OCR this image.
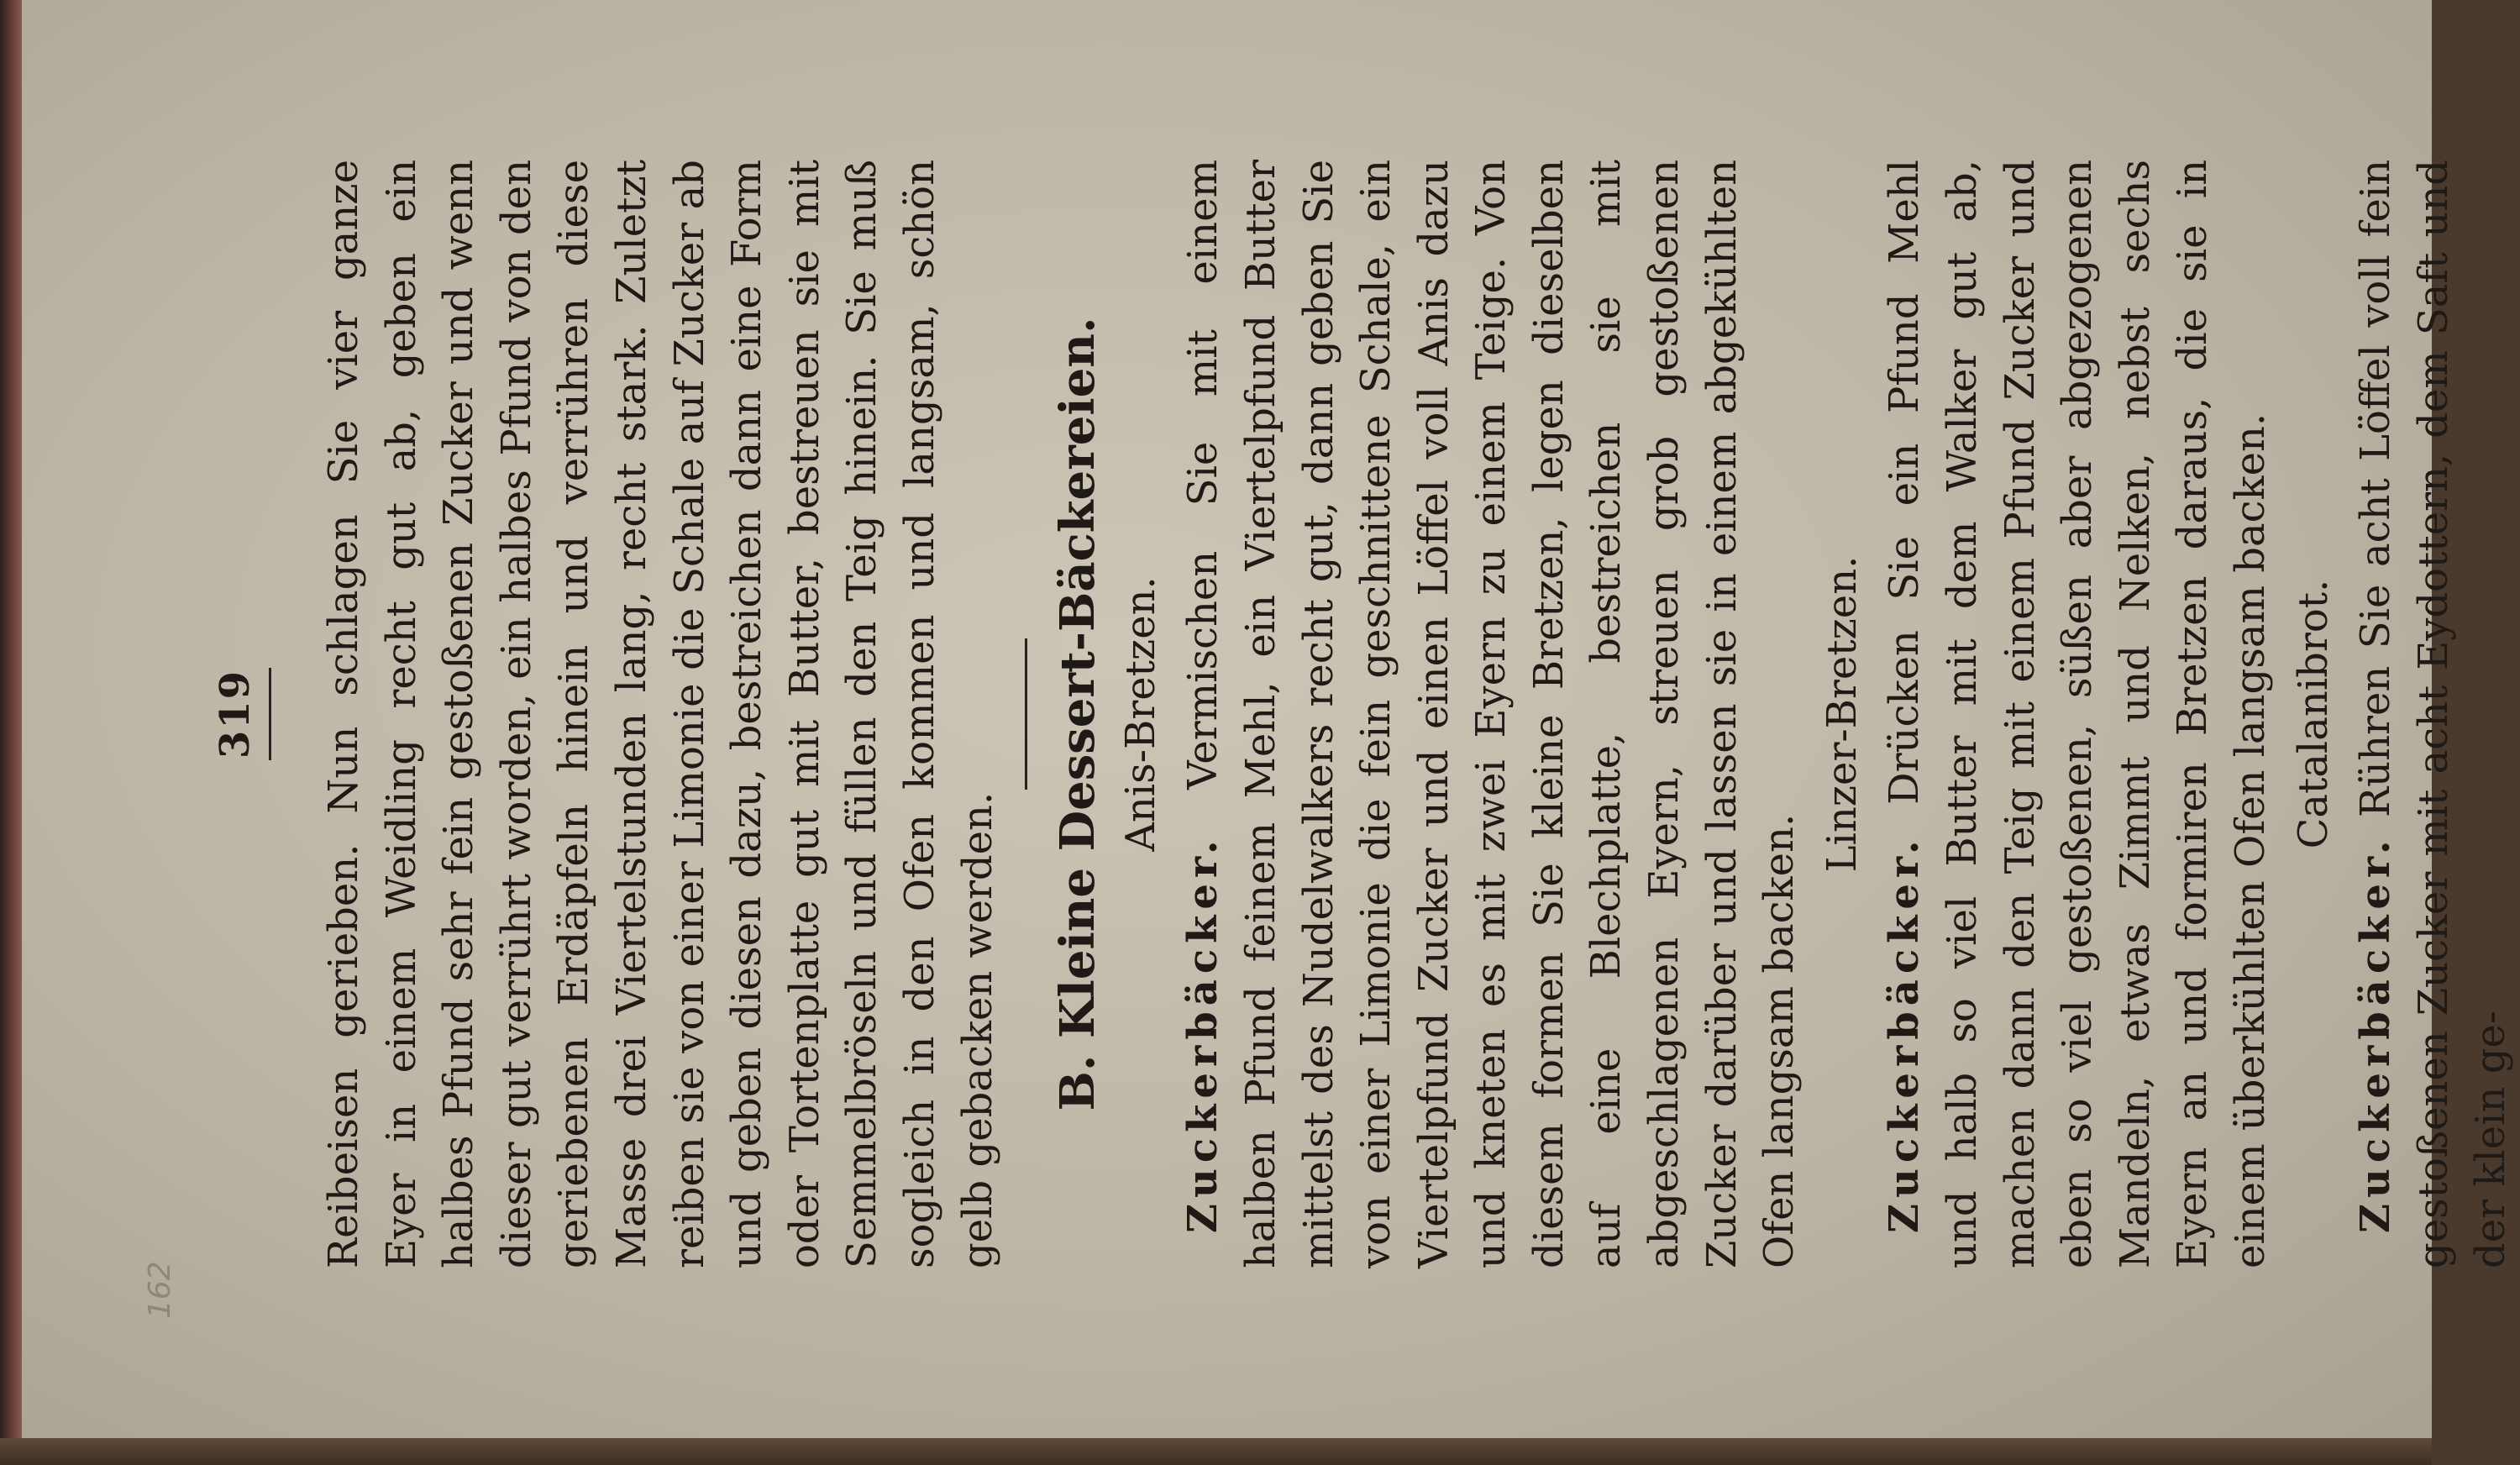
162
319 Reibeisen gerieben. Nun schlagen Sie vier ganze Eyer in einem Weidling recht gut ab, geben ein halbes Pfund sehr fein gestoßenen Zucker und wenn dieser gut verrührt worden, ein halbes Pfund von den geriebenen Erdäpfeln hinein und verrühren diese Masse drei Viertelstunden lang, recht stark. Zuletzt reiben sie von einer Limonie die Schale auf Zucker ab und geben diesen dazu, bestreichen dann eine Form oder Tortenplatte gut mit Butter, bestreuen sie mit Semmelbröseln und füllen den Teig hinein. Sie muß sogleich in den Ofen kommen und langsam, schön gelb gebacken werden. B. Kleine Dessert-Bäckereien. Anis-Bretzen.

Zuckerbäcker. Vermischen Sie mit einem halben Pfund feinem Mehl, ein Viertelpfund Butter mittelst des Nudelwalkers recht gut, dann geben Sie von einer Limonie die fein geschnittene Schale, ein Viertelpfund Zucker und einen Löffel voll Anis dazu und kneten es mit zwei Eyern zu einem Teige. Von diesem formen Sie kleine Bretzen, legen dieselben auf eine Blechplatte, bestreichen sie mit abgeschlagenen Eyern, streuen grob gestoßenen Zucker darüber und lassen sie in einem abgekühlten Ofen langsam backen.

Linzer-Bretzen.

Zuckerbäcker. Drücken Sie ein Pfund Mehl und halb so viel Butter mit dem Walker gut ab, machen dann den Teig mit einem Pfund Zucker und eben so viel gestoßenen, süßen aber abgezogenen Mandeln, etwas Zimmt und Nelken, nebst sechs Eyern an und formiren Bretzen daraus, die sie in einem überkühlten Ofen langsam backen. Catalanibrot.

Zuckerbäcker. Rühren Sie acht Löffel voll fein gestoßenen Zucker mit acht Eydottern, dem Saft und der klein ge-
